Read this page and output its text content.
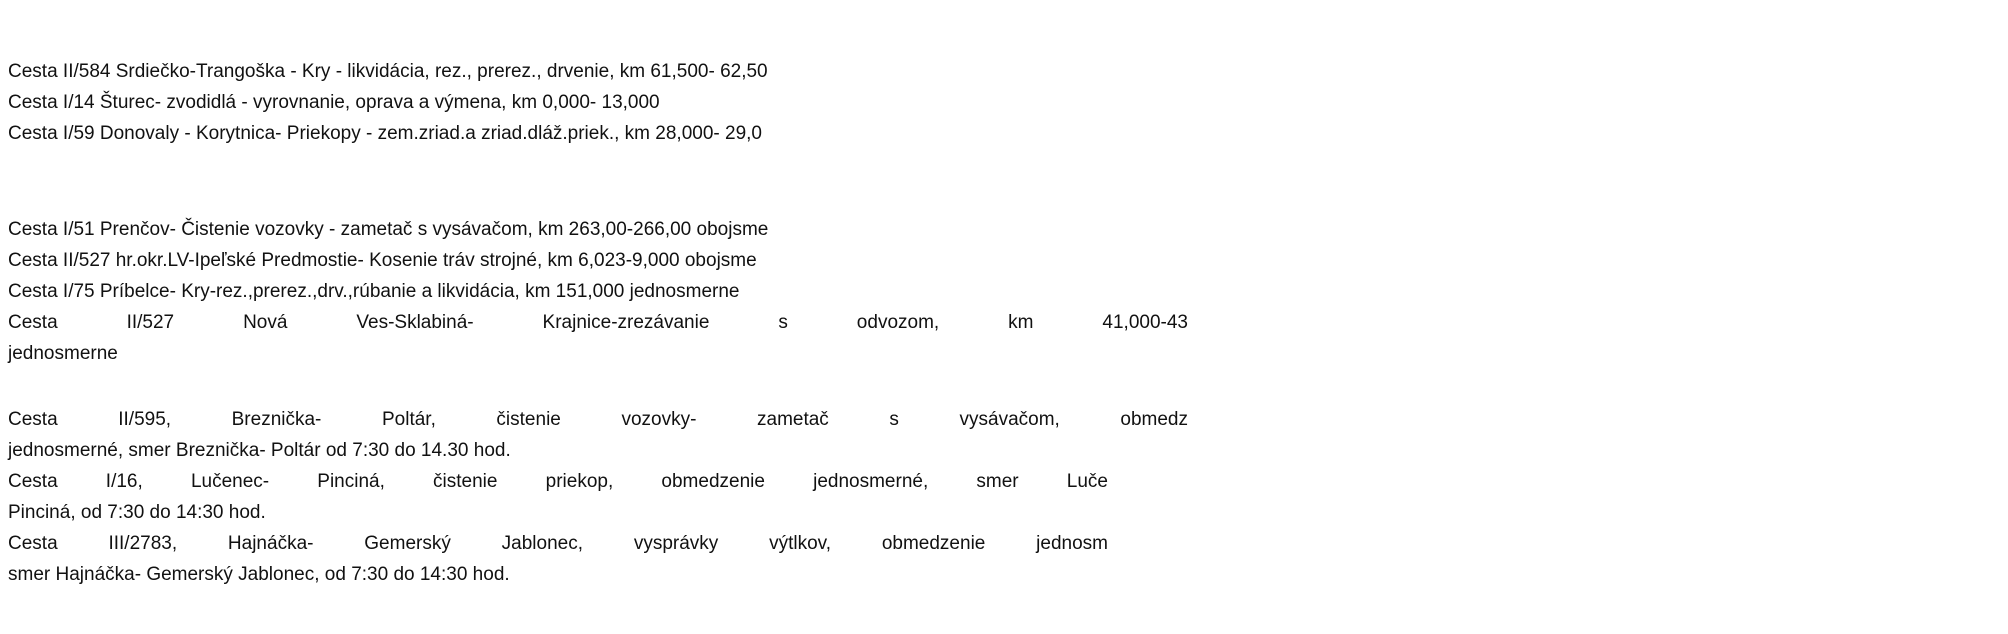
Cesta II/584 Srdiečko-Trangoška - Kry - likvidácia, rez., prerez., drvenie, km 61,500- 62,50
Cesta I/14 Šturec- zvodidlá - vyrovnanie, oprava a výmena, km 0,000- 13,000
Cesta I/59 Donovaly - Korytnica- Priekopy - zem.zriad.a zriad.dláž.priek., km 28,000- 29,0
Cesta I/51 Prenčov- Čistenie vozovky - zametač s vysávačom, km 263,00-266,00 obojsme
Cesta II/527 hr.okr.LV-Ipeľské Predmostie- Kosenie tráv strojné, km 6,023-9,000 obojsme
Cesta I/75 Príbelce- Kry-rez.,prerez.,drv.,rúbanie a likvidácia, km 151,000 jednosmerne
Cesta II/527 Nová Ves-Sklabiná- Krajnice-zrezávanie s odvozom, km 41,000-43
jednosmerne
Cesta II/595, Breznička- Poltár, čistenie vozovky- zametač s vysávačom, obmedz
jednosmerné, smer Breznička- Poltár od 7:30 do 14.30 hod.
Cesta I/16, Lučenec- Pinciná, čistenie priekop, obmedzenie jednosmerné, smer Luče
Pinciná, od 7:30 do 14:30 hod.
Cesta III/2783, Hajnáčka- Gemerský Jablonec, vysprávky výtlkov, obmedzenie jednosm
smer Hajnáčka- Gemerský Jablonec, od 7:30 do 14:30 hod.
